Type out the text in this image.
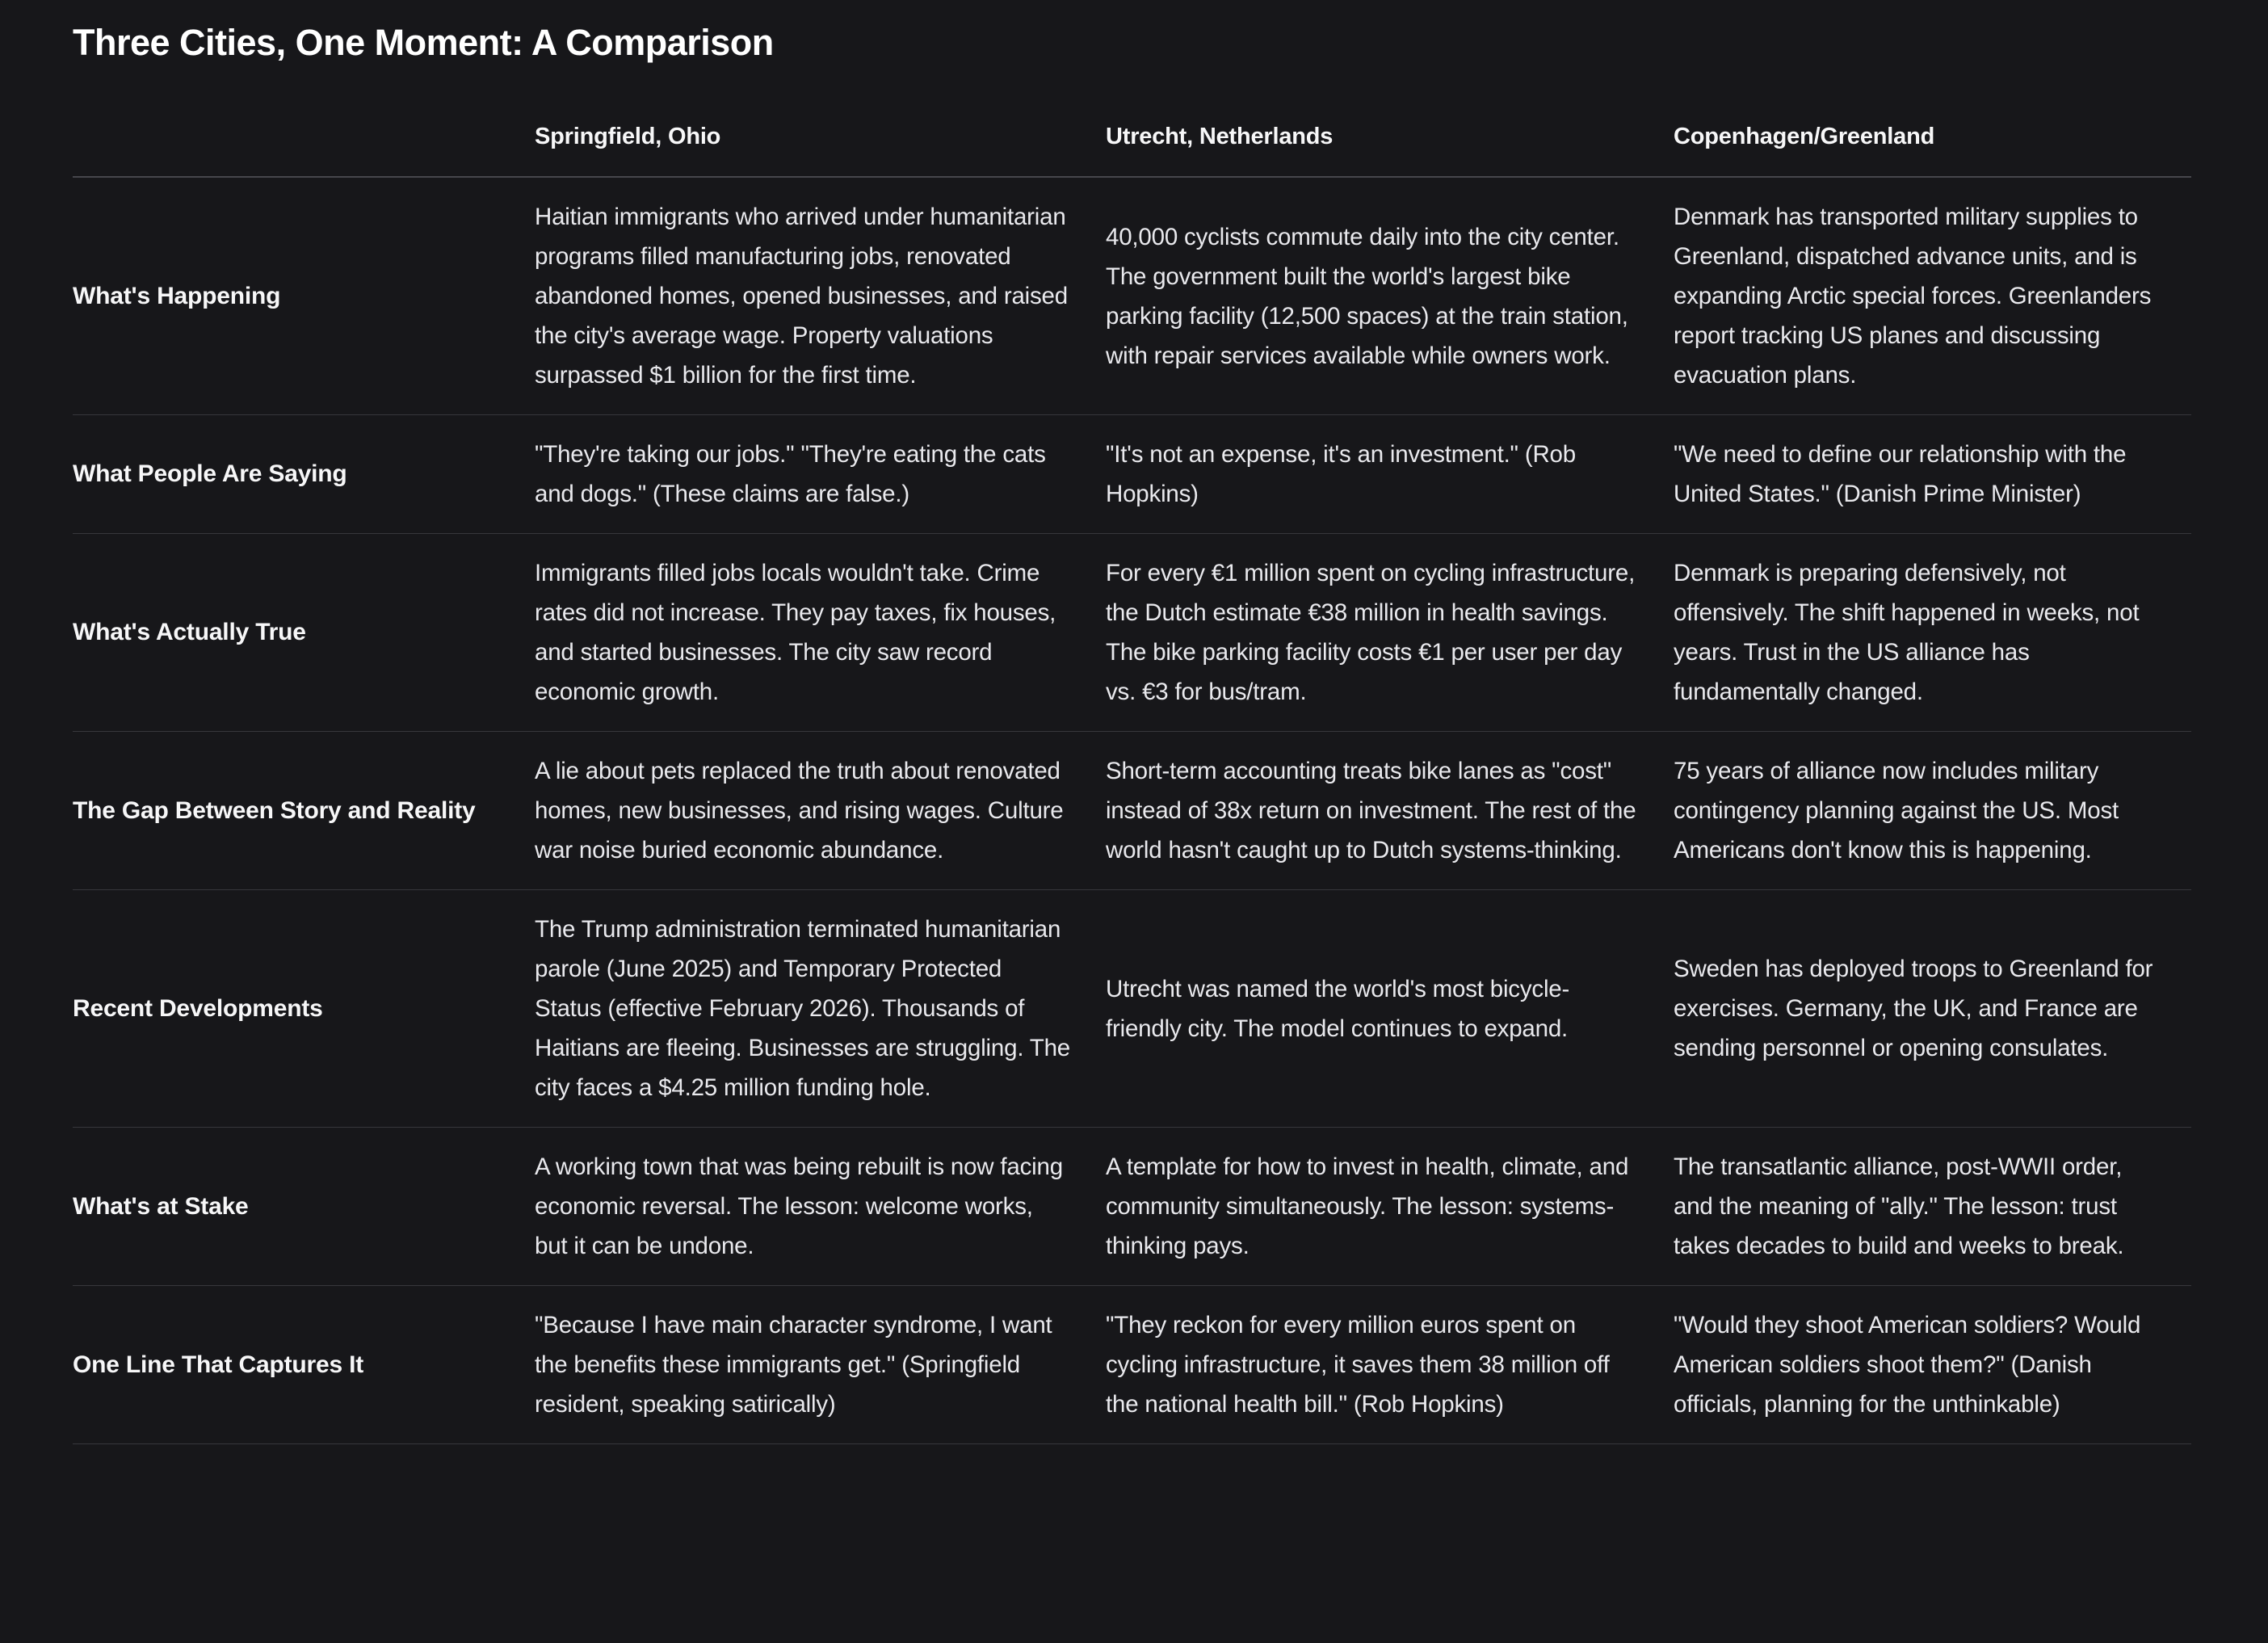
Three Cities, One Moment: A Comparison
	Springfield, Ohio	Utrecht, Netherlands	Copenhagen/Greenland
What's Happening	Haitian immigrants who arrived under humanitarian programs filled manufacturing jobs, renovated abandoned homes, opened businesses, and raised the city's average wage. Property valuations surpassed $1 billion for the first time.	40,000 cyclists commute daily into the city center. The government built the world's largest bike parking facility (12,500 spaces) at the train station, with repair services available while owners work.	Denmark has transported military supplies to Greenland, dispatched advance units, and is expanding Arctic special forces. Greenlanders report tracking US planes and discussing evacuation plans.
What People Are Saying	"They're taking our jobs." "They're eating the cats and dogs." (These claims are false.)	"It's not an expense, it's an investment." (Rob Hopkins)	"We need to define our relationship with the United States." (Danish Prime Minister)
What's Actually True	Immigrants filled jobs locals wouldn't take. Crime rates did not increase. They pay taxes, fix houses, and started businesses. The city saw record economic growth.	For every €1 million spent on cycling infrastructure, the Dutch estimate €38 million in health savings. The bike parking facility costs €1 per user per day vs. €3 for bus/tram.	Denmark is preparing defensively, not offensively. The shift happened in weeks, not years. Trust in the US alliance has fundamentally changed.
The Gap Between Story and Reality	A lie about pets replaced the truth about renovated homes, new businesses, and rising wages. Culture war noise buried economic abundance.	Short-term accounting treats bike lanes as "cost" instead of 38x return on investment. The rest of the world hasn't caught up to Dutch systems-thinking.	75 years of alliance now includes military contingency planning against the US. Most Americans don't know this is happening.
Recent Developments	The Trump administration terminated humanitarian parole (June 2025) and Temporary Protected Status (effective February 2026). Thousands of Haitians are fleeing. Businesses are struggling. The city faces a $4.25 million funding hole.	Utrecht was named the world's most bicycle-friendly city. The model continues to expand.	Sweden has deployed troops to Greenland for exercises. Germany, the UK, and France are sending personnel or opening consulates.
What's at Stake	A working town that was being rebuilt is now facing economic reversal. The lesson: welcome works, but it can be undone.	A template for how to invest in health, climate, and community simultaneously. The lesson: systems-thinking pays.	The transatlantic alliance, post-WWII order, and the meaning of "ally." The lesson: trust takes decades to build and weeks to break.
One Line That Captures It	"Because I have main character syndrome, I want the benefits these immigrants get." (Springfield resident, speaking satirically)	"They reckon for every million euros spent on cycling infrastructure, it saves them 38 million off the national health bill." (Rob Hopkins)	"Would they shoot American soldiers? Would American soldiers shoot them?" (Danish officials, planning for the unthinkable)
